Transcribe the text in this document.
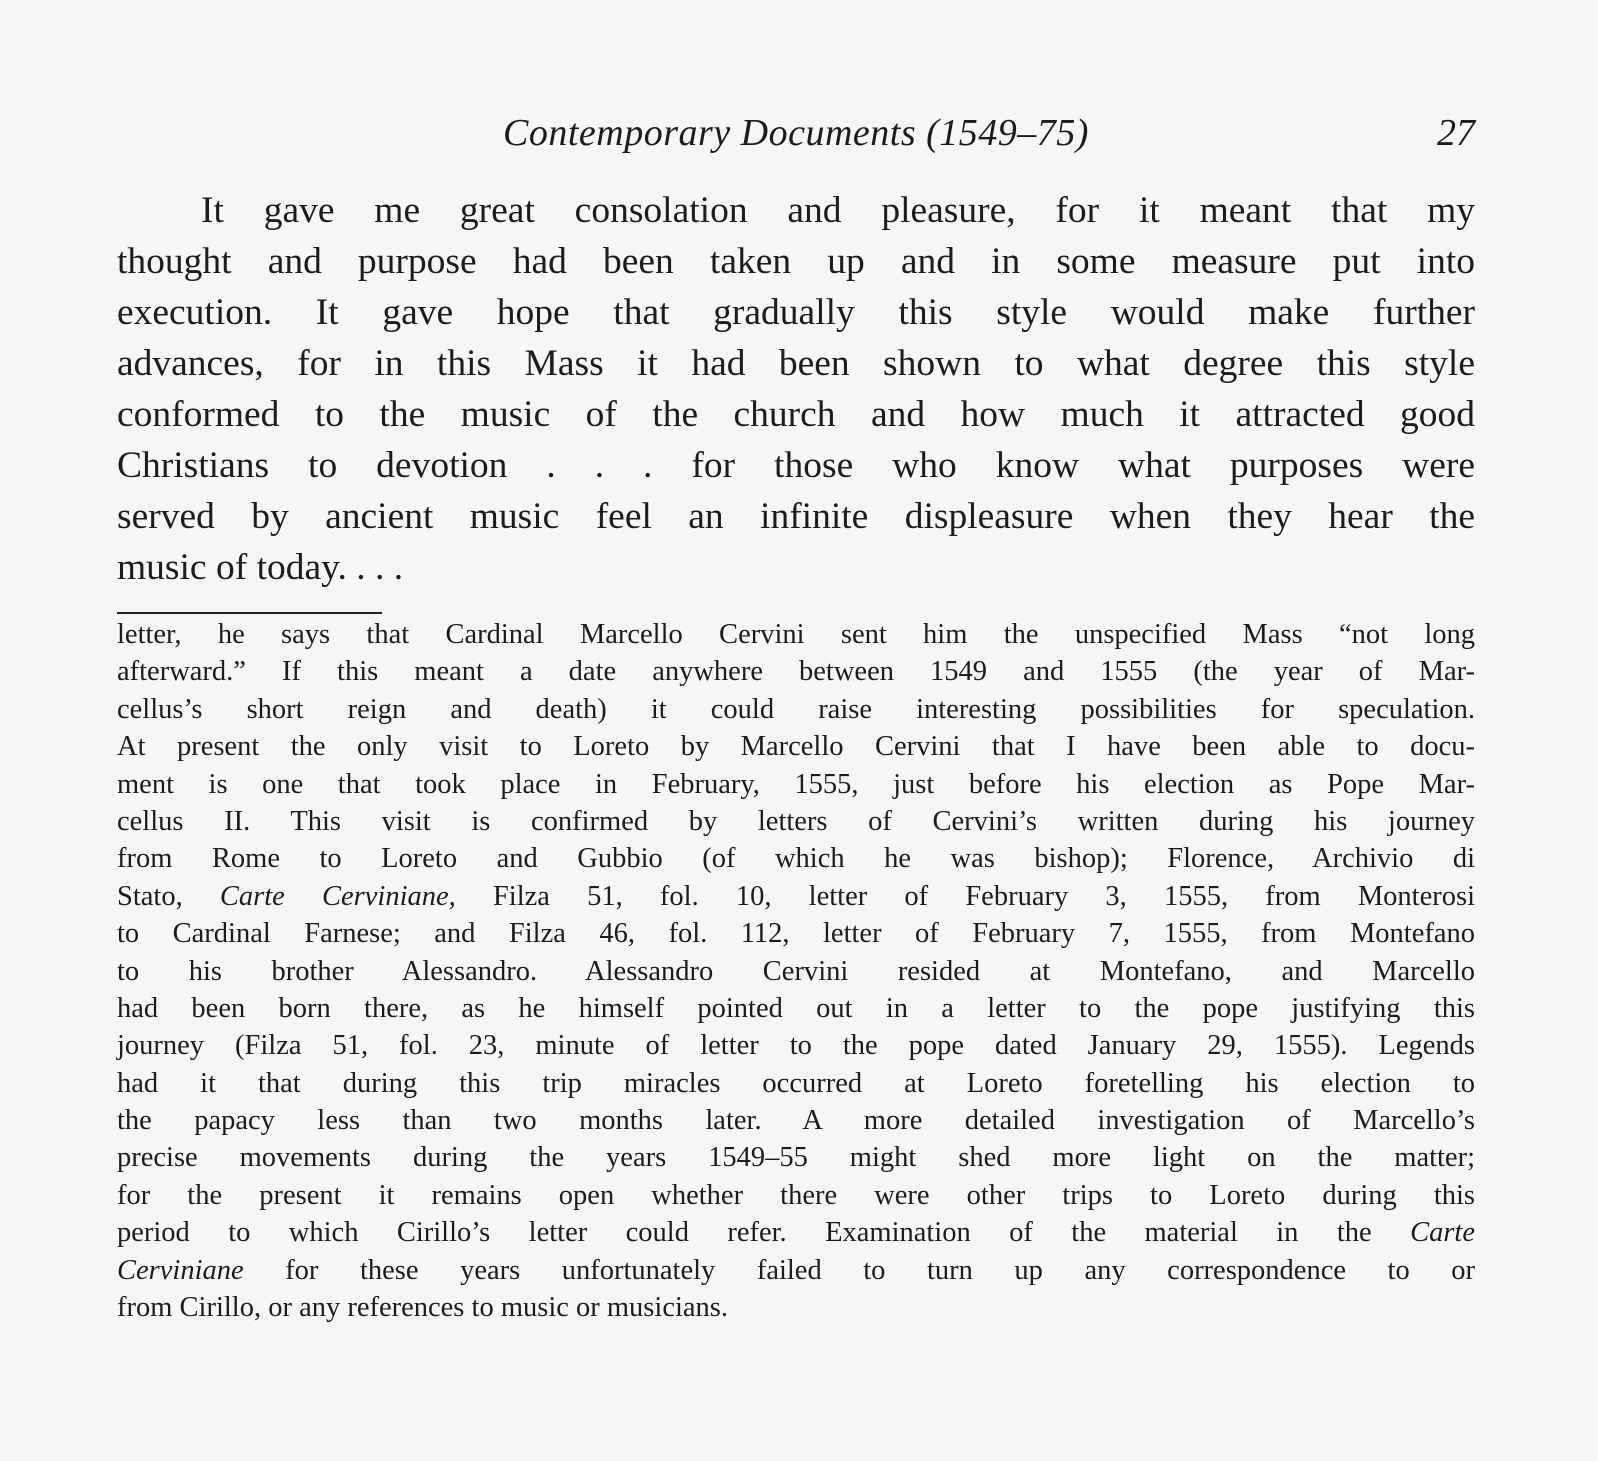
Contemporary Documents (1549–75)	27
It gave me great consolation and pleasure, for it meant that my
thought and purpose had been taken up and in some measure put into
execution. It gave hope that gradually this style would make further
advances, for in this Mass it had been shown to what degree this style
conformed to the music of the church and how much it attracted good
Christians to devotion . . . for those who know what purposes were
served by ancient music feel an infinite displeasure when they hear the
music of today. . . .
letter, he says that Cardinal Marcello Cervini sent him the unspecified Mass “not long
afterward.” If this meant a date anywhere between 1549 and 1555 (the year of Mar-
cellus’s short reign and death) it could raise interesting possibilities for speculation.
At present the only visit to Loreto by Marcello Cervini that I have been able to docu-
ment is one that took place in February, 1555, just before his election as Pope Mar-
cellus II. This visit is confirmed by letters of Cervini’s written during his journey
from Rome to Loreto and Gubbio (of which he was bishop); Florence, Archivio di
Stato, Carte Cerviniane, Filza 51, fol. 10, letter of February 3, 1555, from Monterosi
to Cardinal Farnese; and Filza 46, fol. 112, letter of February 7, 1555, from Montefano
to his brother Alessandro. Alessandro Cervini resided at Montefano, and Marcello
had been born there, as he himself pointed out in a letter to the pope justifying this
journey (Filza 51, fol. 23, minute of letter to the pope dated January 29, 1555). Legends
had it that during this trip miracles occurred at Loreto foretelling his election to
the papacy less than two months later. A more detailed investigation of Marcello’s
precise movements during the years 1549–55 might shed more light on the matter;
for the present it remains open whether there were other trips to Loreto during this
period to which Cirillo’s letter could refer. Examination of the material in the Carte
Cerviniane for these years unfortunately failed to turn up any correspondence to or
from Cirillo, or any references to music or musicians.
